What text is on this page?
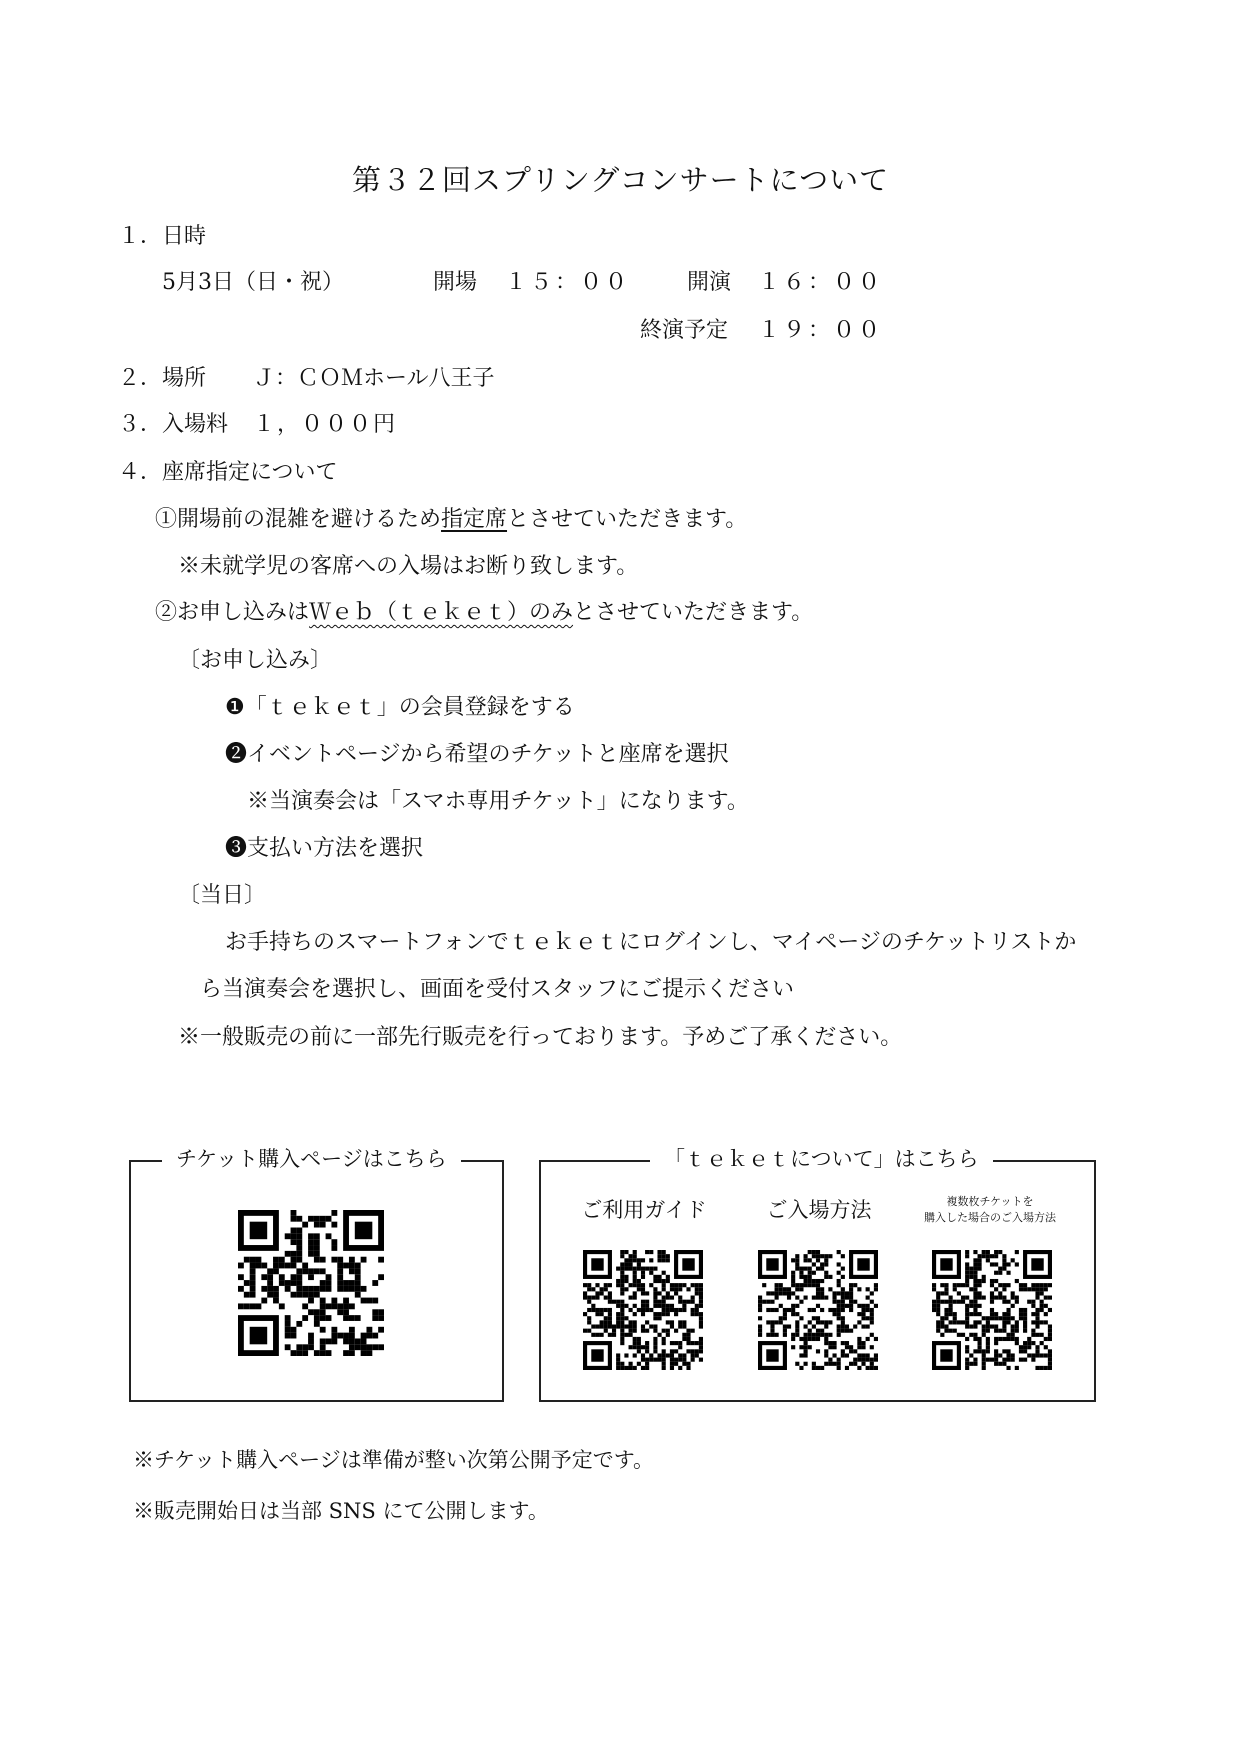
第３２回スプリングコンサートについて
１．日時
5月3日（日・祝）	開場 １５：００	開演 １６：００
終演予定 １９：００
２．場所 Ｊ：ＣＯＭホール八王子
３．入場料 １，０００円
４．座席指定について
①開場前の混雑を避けるため指定席とさせていただきます。
※未就学児の客席への入場はお断り致します。
②お申し込みはＷｅｂ（ｔｅｋｅｔ）のみとさせていただきます。
〔お申し込み〕
❶「ｔｅｋｅｔ」の会員登録をする
❷イベントページから希望のチケットと座席を選択
※当演奏会は「スマホ専用チケット」になります。
❸支払い方法を選択
〔当日〕
お手持ちのスマートフォンでｔｅｋｅｔにログインし、マイページのチケットリストか
ら当演奏会を選択し、画面を受付スタッフにご提示ください
※一般販売の前に一部先行販売を行っております。予めご了承ください。
チケット購入ページはこちら	「ｔｅｋｅｔについて」はこちら
ご利用ガイド	ご入場方法	複数枚チケットを
購入した場合のご入場方法
※チケット購入ページは準備が整い次第公開予定です。
※販売開始日は当部 SNS にて公開します。
